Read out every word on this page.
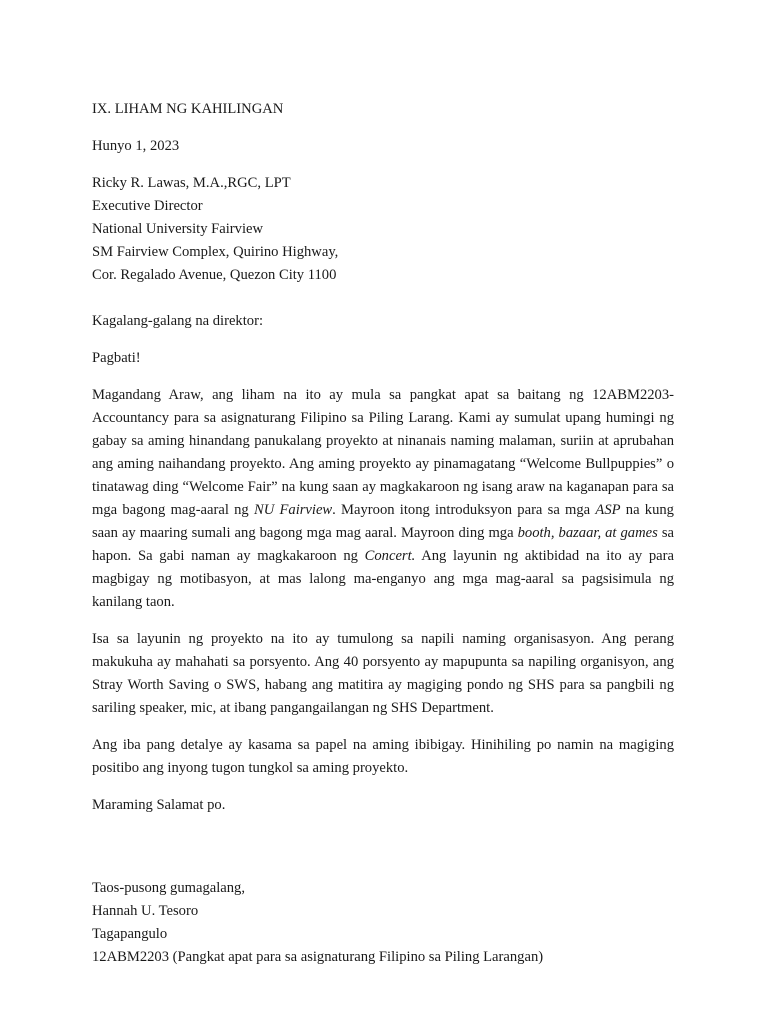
IX. LIHAM NG KAHILINGAN
Hunyo 1, 2023
Ricky R. Lawas, M.A.,RGC, LPT
Executive Director
National University Fairview
SM Fairview Complex, Quirino Highway,
Cor. Regalado Avenue, Quezon City 1100
Kagalang-galang na direktor:
Pagbati!
Magandang Araw, ang liham na ito ay mula sa pangkat apat sa baitang ng 12ABM2203- Accountancy para sa asignaturang Filipino sa Piling Larang. Kami ay sumulat upang humingi ng gabay sa aming hinandang panukalang proyekto at ninanais naming malaman, suriin at aprubahan ang aming naihandang proyekto. Ang aming proyekto ay pinamagatang “Welcome Bullpuppies” o tinatawag ding “Welcome Fair” na kung saan ay magkakaroon ng isang araw na kaganapan para sa mga bagong mag-aaral ng NU Fairview. Mayroon itong introduksyon para sa mga ASP na kung saan ay maaring sumali ang bagong mga mag aaral. Mayroon ding mga booth, bazaar, at games sa hapon. Sa gabi naman ay magkakaroon ng Concert. Ang layunin ng aktibidad na ito ay para magbigay ng motibasyon, at mas lalong ma-enganyo ang mga mag-aaral sa pagsisimula ng kanilang taon.
Isa sa layunin ng proyekto na ito ay tumulong sa napili naming organisasyon. Ang perang makukuha ay mahahati sa porsyento. Ang 40 porsyento ay mapupunta sa napiling organisyon, ang Stray Worth Saving o SWS, habang ang matitira ay magiging pondo ng SHS para sa pangbili ng sariling speaker, mic, at ibang pangangailangan ng SHS Department.
Ang iba pang detalye ay kasama sa papel na aming ibibigay. Hinihiling po namin na magiging positibo ang inyong tugon tungkol sa aming proyekto.
Maraming Salamat po.
Taos-pusong gumagalang,
Hannah U. Tesoro
Tagapangulo
12ABM2203 (Pangkat apat para sa asignaturang Filipino sa Piling Larangan)
